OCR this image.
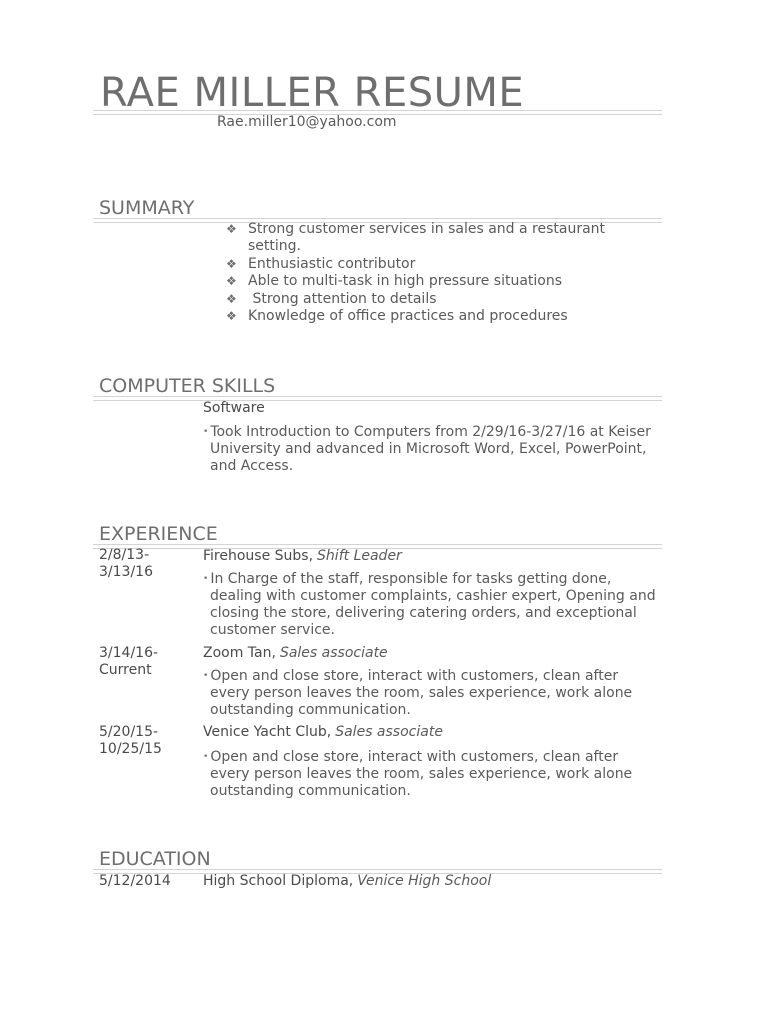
RAE MILLER RESUME
Rae.miller10@yahoo.com
SUMMARY
❖ Strong customer services in sales and a restaurant setting.
❖ Enthusiastic contributor
❖ Able to multi-task in high pressure situations
❖ Strong attention to details
❖ Knowledge of office practices and procedures
COMPUTER SKILLS
Software
• Took Introduction to Computers from 2/29/16-3/27/16 at Keiser University and advanced in Microsoft Word, Excel, PowerPoint, and Access.
EXPERIENCE
2/8/13-
3/13/16
Firehouse Subs, Shift Leader
• In Charge of the staff, responsible for tasks getting done, dealing with customer complaints, cashier expert, Opening and closing the store, delivering catering orders, and exceptional customer service.
3/14/16-
Current
Zoom Tan, Sales associate
• Open and close store, interact with customers, clean after every person leaves the room, sales experience, work alone outstanding communication.
5/20/15-
10/25/15
Venice Yacht Club, Sales associate
• Open and close store, interact with customers, clean after every person leaves the room, sales experience, work alone outstanding communication.
EDUCATION
5/12/2014	High School Diploma, Venice High School
